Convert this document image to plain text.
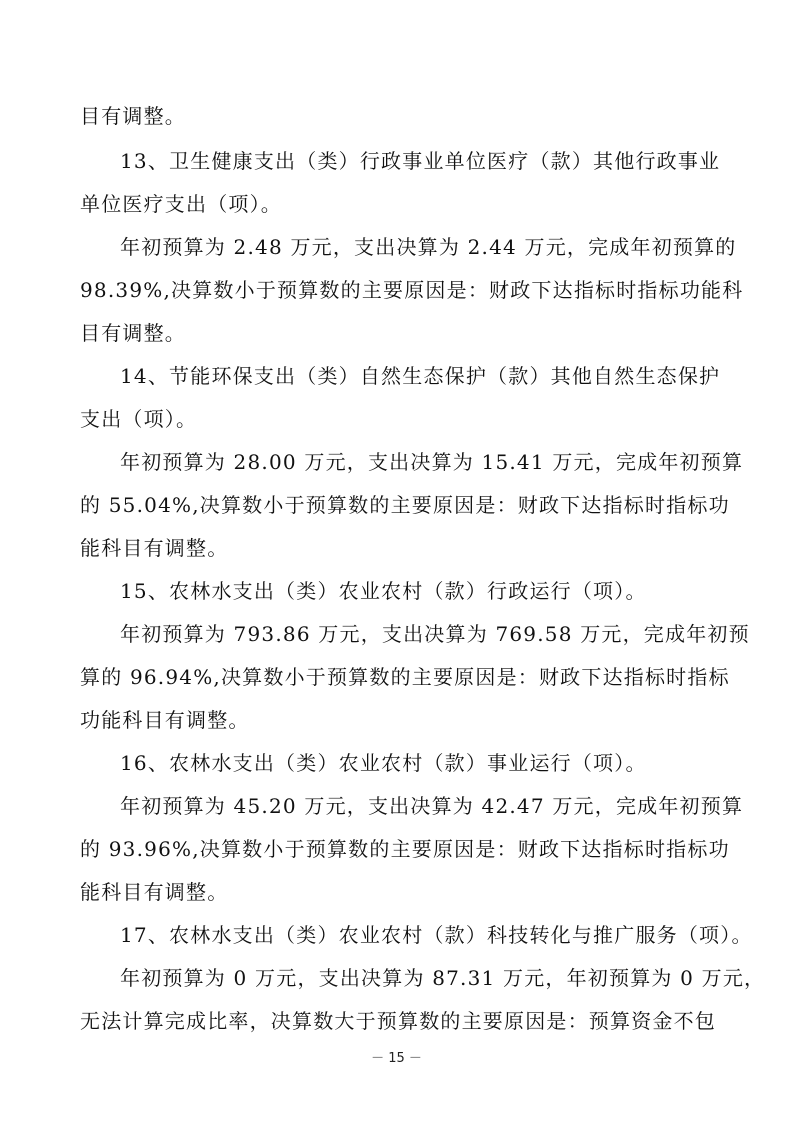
目有调整。
13、卫生健康支出（类）行政事业单位医疗（款）其他行政事业
单位医疗支出（项）。
年初预算为 2.48 万元，支出决算为 2.44 万元，完成年初预算的
98.39%,决算数小于预算数的主要原因是：财政下达指标时指标功能科
目有调整。
14、节能环保支出（类）自然生态保护（款）其他自然生态保护
支出（项）。
年初预算为 28.00 万元，支出决算为 15.41 万元，完成年初预算
的 55.04%,决算数小于预算数的主要原因是：财政下达指标时指标功
能科目有调整。
15、农林水支出（类）农业农村（款）行政运行（项）。
年初预算为 793.86 万元，支出决算为 769.58 万元，完成年初预
算的 96.94%,决算数小于预算数的主要原因是：财政下达指标时指标
功能科目有调整。
16、农林水支出（类）农业农村（款）事业运行（项）。
年初预算为 45.20 万元，支出决算为 42.47 万元，完成年初预算
的 93.96%,决算数小于预算数的主要原因是：财政下达指标时指标功
能科目有调整。
17、农林水支出（类）农业农村（款）科技转化与推广服务（项）。
年初预算为 0 万元，支出决算为 87.31 万元，年初预算为 0 万元，
无法计算完成比率，决算数大于预算数的主要原因是：预算资金不包
－ 15 －
